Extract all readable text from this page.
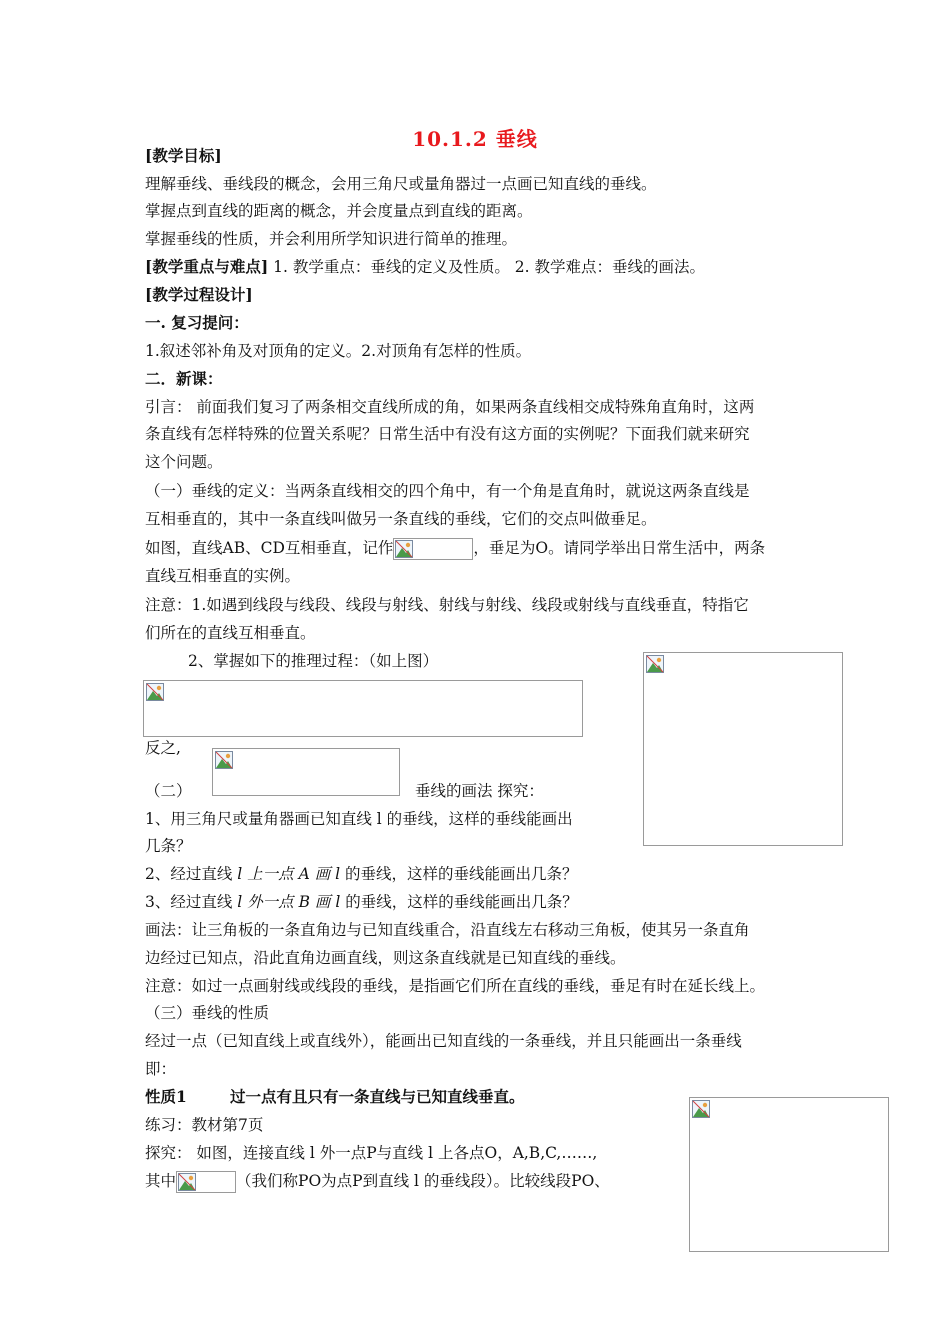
10.1.2 垂线
[教学目标]
理解垂线、垂线段的概念，会用三角尺或量角器过一点画已知直线的垂线。
掌握点到直线的距离的概念，并会度量点到直线的距离。
掌握垂线的性质，并会利用所学知识进行简单的推理。
[教学重点与难点] 1. 教学重点：垂线的定义及性质。 2. 教学难点：垂线的画法。
[教学过程设计]
一. 复习提问：
1.叙述邻补角及对顶角的定义。2.对顶角有怎样的性质。
二．新课：
引言： 前面我们复习了两条相交直线所成的角，如果两条直线相交成特殊角直角时，这两
条直线有怎样特殊的位置关系呢？日常生活中有没有这方面的实例呢？下面我们就来研究
这个问题。
（一）垂线的定义：当两条直线相交的四个角中，有一个角是直角时，就说这两条直线是
互相垂直的，其中一条直线叫做另一条直线的垂线，它们的交点叫做垂足。
如图，直线AB、CD互相垂直，记作	，垂足为O。请同学举出日常生活中，两条
直线互相垂直的实例。
注意：1.如遇到线段与线段、线段与射线、射线与射线、线段或射线与直线垂直，特指它
们所在的直线互相垂直。
2、掌握如下的推理过程：（如上图）
反之,
（二）	垂线的画法 探究：
1、用三角尺或量角器画已知直线 l 的垂线，这样的垂线能画出
几条？
2、经过直线 l 上一点 A 画 l 的垂线，这样的垂线能画出几条？
3、经过直线 l 外一点 B 画 l 的垂线，这样的垂线能画出几条？
画法：让三角板的一条直角边与已知直线重合，沿直线左右移动三角板，使其另一条直角
边经过已知点，沿此直角边画直线，则这条直线就是已知直线的垂线。
注意：如过一点画射线或线段的垂线，是指画它们所在直线的垂线，垂足有时在延长线上。
（三）垂线的性质
经过一点（已知直线上或直线外），能画出已知直线的一条垂线，并且只能画出一条垂线
即：
性质1	过一点有且只有一条直线与已知直线垂直。
练习：教材第7页
探究： 如图，连接直线 l 外一点P与直线 l 上各点O，A,B,C,……,
其中	（我们称PO为点P到直线 l 的垂线段）。比较线段PO、
